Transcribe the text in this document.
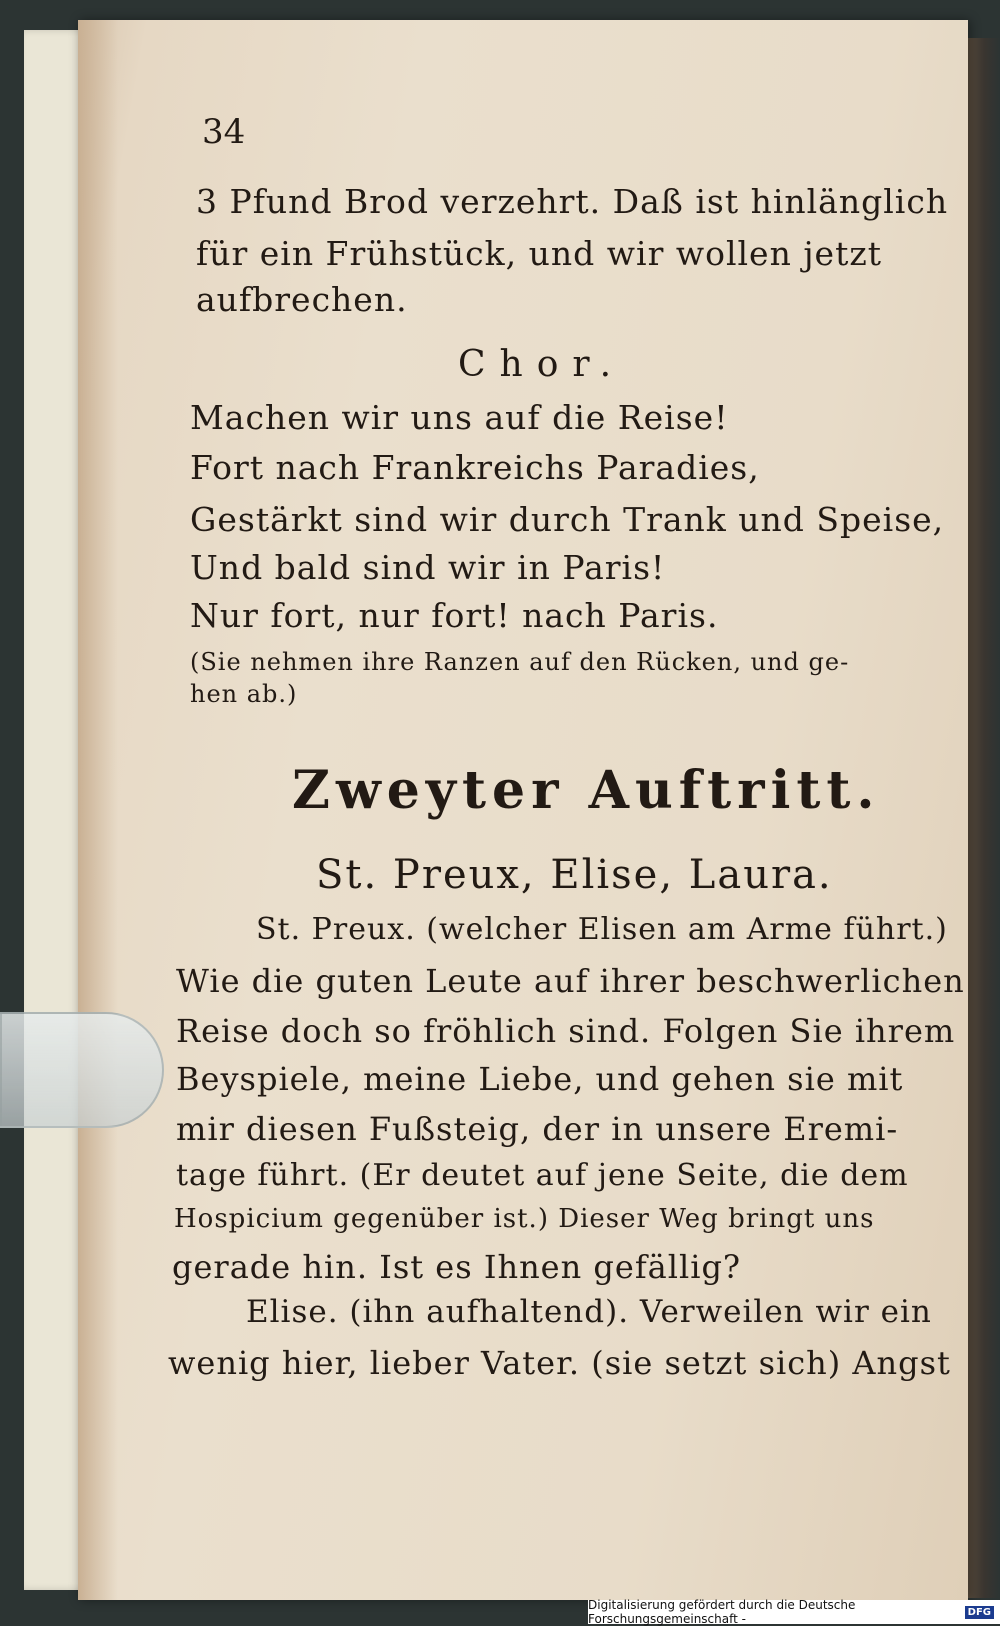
34
3 Pfund Brod verzehrt. Daß ist hinlänglich
für ein Frühstück, und wir wollen jetzt
aufbrechen.
Chor.
Machen wir uns auf die Reise!
Fort nach Frankreichs Paradies,
Gestärkt sind wir durch Trank und Speise,
Und bald sind wir in Paris!
Nur fort, nur fort! nach Paris.
(Sie nehmen ihre Ranzen auf den Rücken, und ge-
hen ab.)
Zweyter Auftritt.
St. Preux, Elise, Laura.
St. Preux. (welcher Elisen am Arme führt.)
Wie die guten Leute auf ihrer beschwerlichen
Reise doch so fröhlich sind. Folgen Sie ihrem
Beyspiele, meine Liebe, und gehen sie mit
mir diesen Fußsteig, der in unsere Eremi-
tage führt. (Er deutet auf jene Seite, die dem
Hospicium gegenüber ist.) Dieser Weg bringt uns
gerade hin. Ist es Ihnen gefällig?
Elise. (ihn aufhaltend). Verweilen wir ein
wenig hier, lieber Vater. (sie setzt sich) Angst
Digitalisierung gefördert durch die Deutsche Forschungsgemeinschaft -	DFG
